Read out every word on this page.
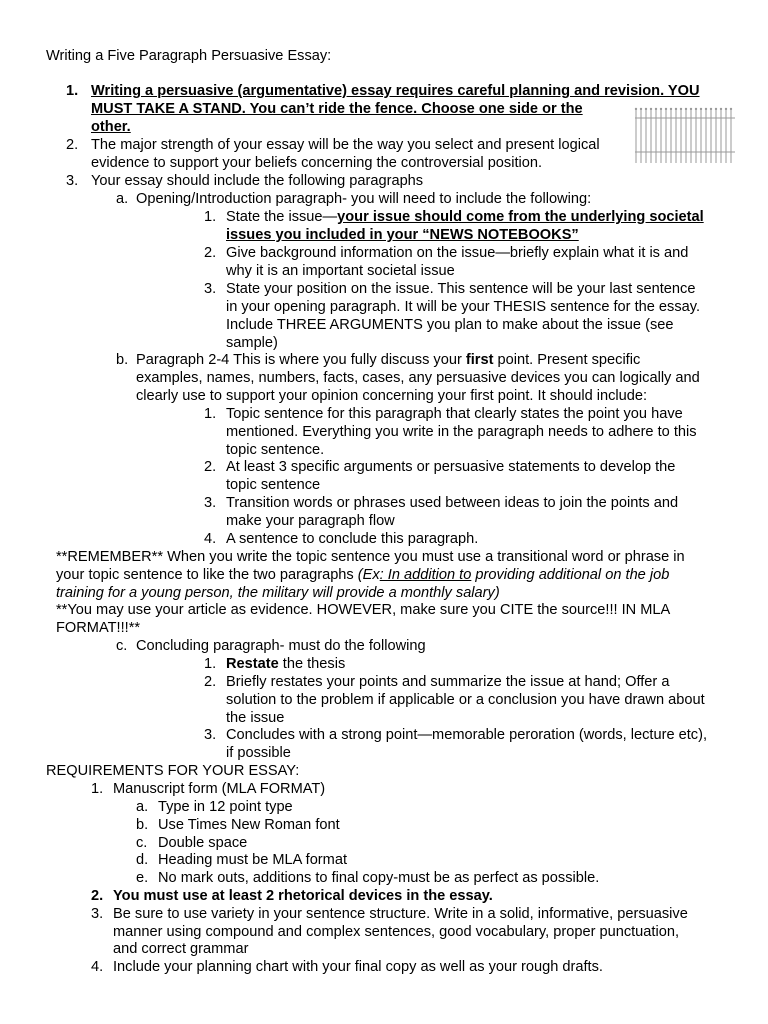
Writing a Five Paragraph Persuasive Essay:
1. Writing a persuasive (argumentative) essay requires careful planning and revision. YOU
MUST TAKE A STAND. You can’t ride the fence. Choose one side or the
other.
2. The major strength of your essay will be the way you select and present logical
evidence to support your beliefs concerning the controversial position.
3. Your essay should include the following paragraphs
a. Opening/Introduction paragraph- you will need to include the following:
1. State the issue—your issue should come from the underlying societal
issues you included in your “NEWS NOTEBOOKS”
2. Give background information on the issue—briefly explain what it is and
why it is an important societal issue
3. State your position on the issue. This sentence will be your last sentence
in your opening paragraph. It will be your THESIS sentence for the essay.
Include THREE ARGUMENTS you plan to make about the issue (see
sample)
b. Paragraph 2-4 This is where you fully discuss your first point. Present specific
examples, names, numbers, facts, cases, any persuasive devices you can logically and
clearly use to support your opinion concerning your first point. It should include:
1. Topic sentence for this paragraph that clearly states the point you have
mentioned. Everything you write in the paragraph needs to adhere to this
topic sentence.
2. At least 3 specific arguments or persuasive statements to develop the
topic sentence
3. Transition words or phrases used between ideas to join the points and
make your paragraph flow
4. A sentence to conclude this paragraph.
**REMEMBER** When you write the topic sentence you must use a transitional word or phrase in
your topic sentence to like the two paragraphs (Ex: In addition to providing additional on the job
training for a young person, the military will provide a monthly salary)
**You may use your article as evidence. HOWEVER, make sure you CITE the source!!! IN MLA
FORMAT!!!**
c. Concluding paragraph- must do the following
1. Restate the thesis
2. Briefly restates your points and summarize the issue at hand; Offer a
solution to the problem if applicable or a conclusion you have drawn about
the issue
3. Concludes with a strong point—memorable peroration (words, lecture etc),
if possible
REQUIREMENTS FOR YOUR ESSAY:
1. Manuscript form (MLA FORMAT)
a. Type in 12 point type
b. Use Times New Roman font
c. Double space
d. Heading must be MLA format
e. No mark outs, additions to final copy-must be as perfect as possible.
2. You must use at least 2 rhetorical devices in the essay.
3. Be sure to use variety in your sentence structure. Write in a solid, informative, persuasive
manner using compound and complex sentences, good vocabulary, proper punctuation,
and correct grammar
4. Include your planning chart with your final copy as well as your rough drafts.
